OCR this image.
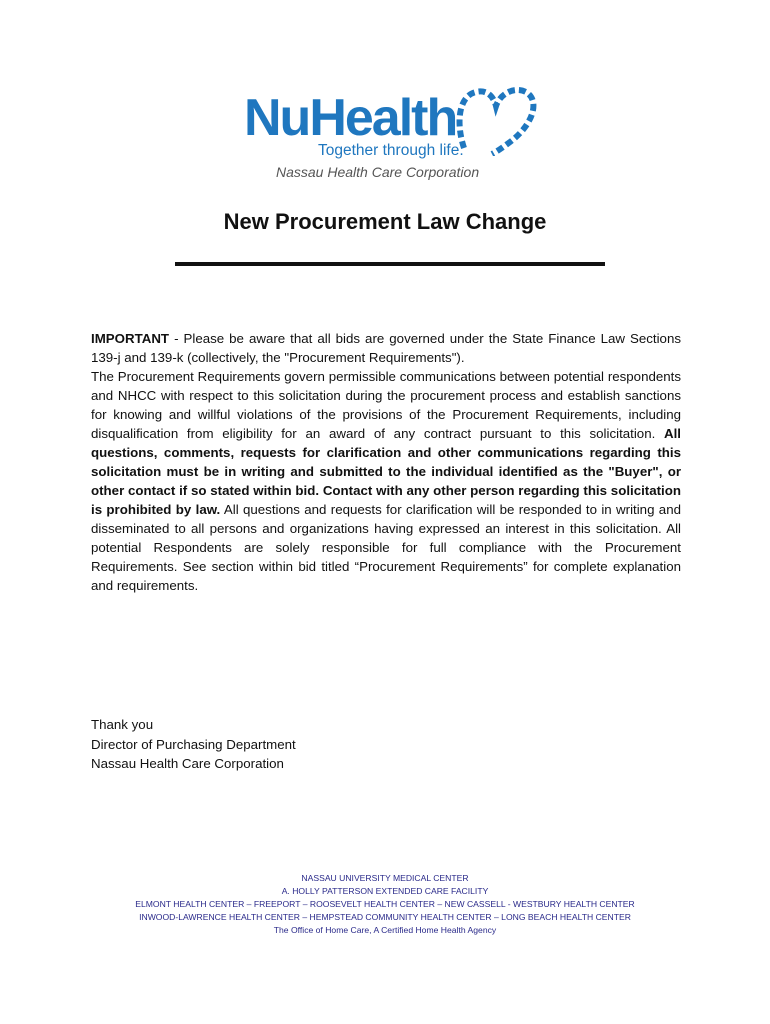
NuHealth
Together through life.
Nassau Health Care Corporation
New Procurement Law Change

IMPORTANT - Please be aware that all bids are governed under the State Finance Law Sections 139-j and 139-k (collectively, the "Procurement Requirements").

The Procurement Requirements govern permissible communications between potential respondents and NHCC with respect to this solicitation during the procurement process and establish sanctions for knowing and willful violations of the provisions of the Procurement Requirements, including disqualification from eligibility for an award of any contract pursuant to this solicitation. All questions, comments, requests for clarification and other communications regarding this solicitation must be in writing and submitted to the individual identified as the "Buyer", or other contact if so stated within bid. Contact with any other person regarding this solicitation is prohibited by law. All questions and requests for clarification will be responded to in writing and disseminated to all persons and organizations having expressed an interest in this solicitation. All potential Respondents are solely responsible for full compliance with the Procurement Requirements. See section within bid titled “Procurement Requirements” for complete explanation and requirements.

Thank you
Director of Purchasing Department
Nassau Health Care Corporation
NASSAU UNIVERSITY MEDICAL CENTER
A. HOLLY PATTERSON EXTENDED CARE FACILITY
ELMONT HEALTH CENTER – FREEPORT – ROOSEVELT HEALTH CENTER – NEW CASSELL - WESTBURY HEALTH CENTER
INWOOD-LAWRENCE HEALTH CENTER – HEMPSTEAD COMMUNITY HEALTH CENTER – LONG BEACH HEALTH CENTER
The Office of Home Care, A Certified Home Health Agency
